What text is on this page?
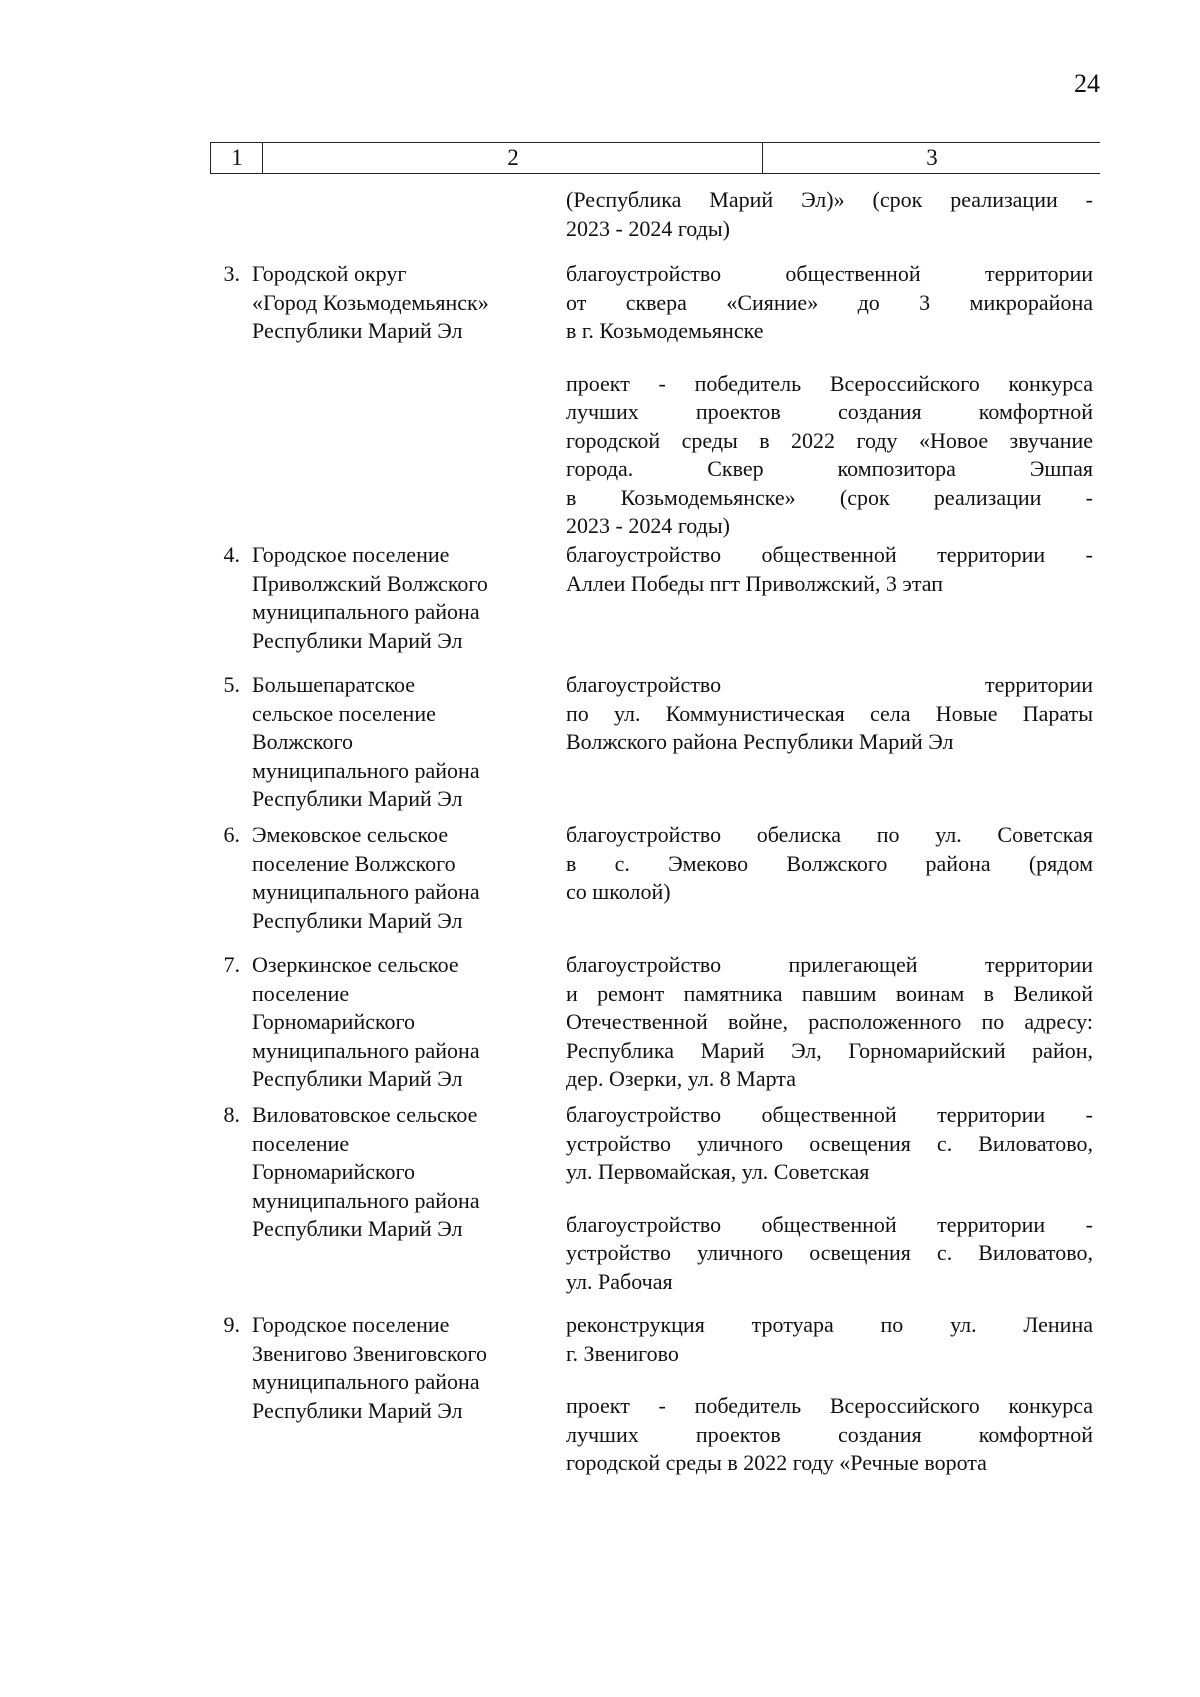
24
1	2	3

(Республика Марий Эл)» (срок реализации -
2023 - 2024 годы)

3. Городской округ
«Город Козьмодемьянск»
Республики Марий Эл

благоустройство общественной территории
от сквера «Сияние» до 3 микрорайона
в г. Козьмодемьянске

проект - победитель Всероссийского конкурса
лучших проектов создания комфортной
городской среды в 2022 году «Новое звучание
города. Сквер композитора Эшпая
в Козьмодемьянске» (срок реализации -
2023 - 2024 годы)

4. Городское поселение
Приволжский Волжского
муниципального района
Республики Марий Эл

благоустройство общественной территории -
Аллеи Победы пгт Приволжский, 3 этап

5. Большепаратское
сельское поселение
Волжского
муниципального района
Республики Марий Эл

благоустройство территории
по ул. Коммунистическая села Новые Параты
Волжского района Республики Марий Эл

6. Эмековское сельское
поселение Волжского
муниципального района
Республики Марий Эл

благоустройство обелиска по ул. Советская
в с. Эмеково Волжского района (рядом
со школой)

7. Озеркинское сельское
поселение
Горномарийского
муниципального района
Республики Марий Эл

благоустройство прилегающей территории
и ремонт памятника павшим воинам в Великой
Отечественной войне, расположенного по адресу:
Республика Марий Эл, Горномарийский район,
дер. Озерки, ул. 8 Марта

8. Виловатовское сельское
поселение
Горномарийского
муниципального района
Республики Марий Эл

благоустройство общественной территории -
устройство уличного освещения с. Виловатово,
ул. Первомайская, ул. Советская

благоустройство общественной территории -
устройство уличного освещения с. Виловатово,
ул. Рабочая

9. Городское поселение
Звенигово Звениговского
муниципального района
Республики Марий Эл

реконструкция тротуара по ул. Ленина
г. Звенигово

проект - победитель Всероссийского конкурса
лучших проектов создания комфортной
городской среды в 2022 году «Речные ворота
